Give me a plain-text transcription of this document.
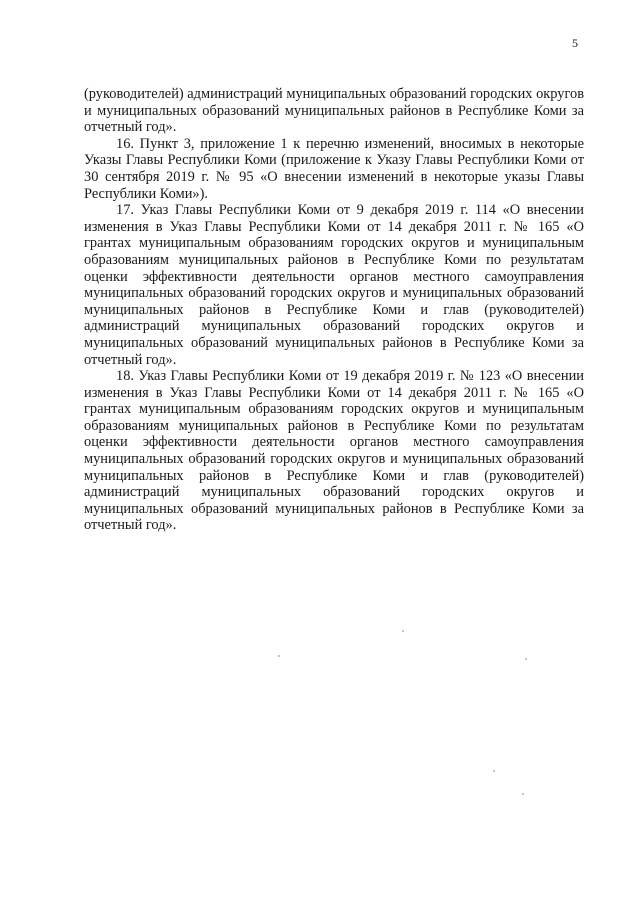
5

(руководителей) администраций муниципальных образований городских округов и муниципальных образований муниципальных районов в Республике Коми за отчетный год».

16. Пункт 3, приложение 1 к перечню изменений, вносимых в некоторые Указы Главы Республики Коми (приложение к Указу Главы Республики Коми от 30 сентября 2019 г. № 95 «О внесении изменений в некоторые указы Главы Республики Коми»).

17. Указ Главы Республики Коми от 9 декабря 2019 г. 114 «О внесении изменения в Указ Главы Республики Коми от 14 декабря 2011 г. № 165 «О грантах муниципальным образованиям городских округов и муниципальным образованиям муниципальных районов в Республике Коми по результатам оценки эффективности деятельности органов местного самоуправления муниципальных образований городских округов и муниципальных образований муниципальных районов в Республике Коми и глав (руководителей) администраций муниципальных образований городских округов и муниципальных образований муниципальных районов в Республике Коми за отчетный год».

18. Указ Главы Республики Коми от 19 декабря 2019 г. № 123 «О внесении изменения в Указ Главы Республики Коми от 14 декабря 2011 г. № 165 «О грантах муниципальным образованиям городских округов и муниципальным образованиям муниципальных районов в Республике Коми по результатам оценки эффективности деятельности органов местного самоуправления муниципальных образований городских округов и муниципальных образований муниципальных районов в Республике Коми и глав (руководителей) администраций муниципальных образований городских округов и муниципальных образований муниципальных районов в Республике Коми за отчетный год».
